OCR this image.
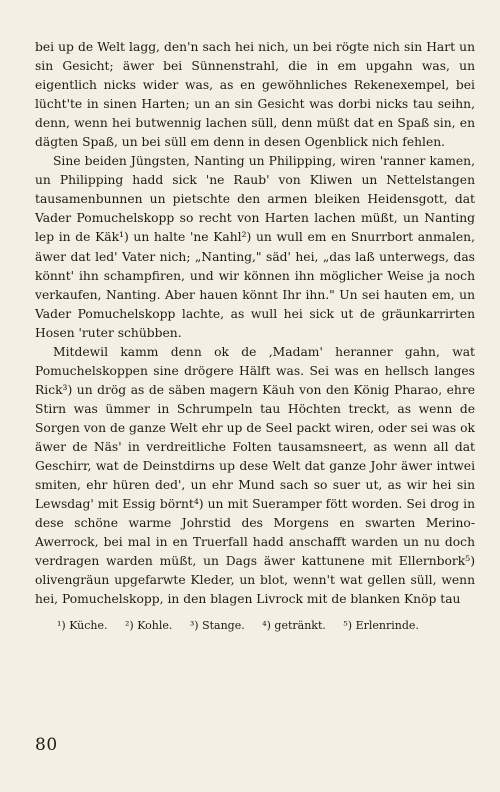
bei up de Welt lagg, den'n sach hei nich, un bei rögte nich sin Hart un sin Gesicht; äwer bei Sünnenstrahl, die in em upgahn was, un eigentlich nicks wider was, as en gewöhnliches Rekenexempel, bei lücht'te in sinen Harten; un an sin Gesicht was dorbi nicks tau seihn, denn, wenn hei butwennig lachen süll, denn müßt dat en Spaß sin, en dägten Spaß, un bei süll em denn in desen Ogenblick nich fehlen.

Sine beiden Jüngsten, Nanting un Philipping, wiren 'ranner kamen, un Philipping hadd sick 'ne Raub' von Kliwen un Nettelstangen tausamenbunnen un pietschte den armen bleiken Heidensgott, dat Vader Pomuchelskopp so recht von Harten lachen müßt, un Nanting lep in de Käk¹) un halte 'ne Kahl²) un wull em en Snurrbort anmalen, äwer dat led' Vater nich; „Nanting," säd' hei, „das laß unterwegs, das könnt' ihn schampfiren, und wir können ihn möglicher Weise ja noch verkaufen, Nanting. Aber hauen könnt Ihr ihn." Un sei hauten em, un Vader Pomuchelskopp lachte, as wull hei sick ut de gräunkarrirten Hosen 'ruter schübben.

Mitdewil kamm denn ok de ‚Madam' heranner gahn, wat Pomuchelskoppen sine drögere Hälft was. Sei was en hellsch langes Rick³) un drög as de säben magern Käuh von den König Pharao, ehre Stirn was ümmer in Schrumpeln tau Höchten treckt, as wenn de Sorgen von de ganze Welt ehr up de Seel packt wiren, oder sei was ok äwer de Näs' in verdreitliche Folten tausamsneert, as wenn all dat Geschirr, wat de Deinstdirns up dese Welt dat ganze Johr äwer intwei smiten, ehr hüren ded', un ehr Mund sach so suer ut, as wir hei sin Lewsdag' mit Essig börnt⁴) un mit Sueramper fött worden. Sei drog in dese schöne warme Johrstid des Morgens en swarten Merino-Awerrock, bei mal in en Truerfall hadd anschafft warden un nu doch verdragen warden müßt, un Dags äwer kattunene mit Ellernbork⁵) olivengräun upgefarwte Kleder, un blot, wenn't wat gellen süll, wenn hei, Pomuchelskopp, in den blagen Livrock mit de blanken Knöp tau

¹) Küche. ²) Kohle. ³) Stange. ⁴) getränkt. ⁵) Erlenrinde.
80
